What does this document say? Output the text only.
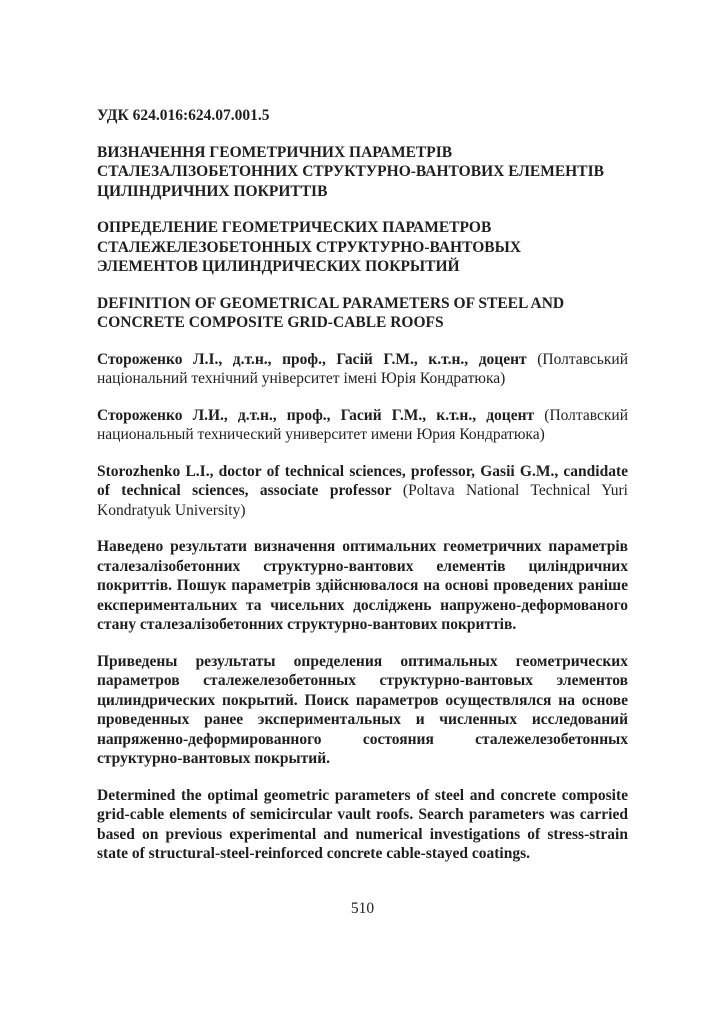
УДК 624.016:624.07.001.5

ВИЗНАЧЕННЯ ГЕОМЕТРИЧНИХ ПАРАМЕТРІВ
СТАЛЕЗАЛІЗОБЕТОННИХ СТРУКТУРНО-ВАНТОВИХ ЕЛЕМЕНТІВ
ЦИЛІНДРИЧНИХ ПОКРИТТІВ
ОПРЕДЕЛЕНИЕ ГЕОМЕТРИЧЕСКИХ ПАРАМЕТРОВ
СТАЛЕЖЕЛЕЗОБЕТОННЫХ СТРУКТУРНО-ВАНТОВЫХ
ЭЛЕМЕНТОВ ЦИЛИНДРИЧЕСКИХ ПОКРЫТИЙ
DEFINITION OF GEOMETRICAL PARAMETERS OF STEEL AND
CONCRETE COMPOSITE GRID-CABLE ROOFS

Стороженко Л.І., д.т.н., проф., Гасій Г.М., к.т.н., доцент (Полтавський національний технічний університет імені Юрія Кондратюка)

Стороженко Л.И., д.т.н., проф., Гасий Г.М., к.т.н., доцент (Полтавский национальный технический университет имени Юрия Кондратюка)

Storozhenko L.I., doctor of technical sciences, professor, Gasii G.M., candidate of technical sciences, associate professor (Poltava National Technical Yuri Kondratyuk University)

Наведено результати визначення оптимальних геометричних параметрів сталезалізобетонних структурно-вантових елементів циліндричних покриттів. Пошук параметрів здійснювалося на основі проведених раніше експериментальних та чисельних досліджень напружено-деформованого стану сталезалізобетонних структурно-вантових покриттів.

Приведены результаты определения оптимальных геометрических параметров сталежелезобетонных структурно-вантовых элементов цилиндрических покрытий. Поиск параметров осуществлялся на основе проведенных ранее экспериментальных и численных исследований напряженно-деформированного состояния сталежелезобетонных структурно-вантовых покрытий.

Determined the optimal geometric parameters of steel and concrete composite grid-cable elements of semicircular vault roofs. Search parameters was carried based on previous experimental and numerical investigations of stress-strain state of structural-steel-reinforced concrete cable-stayed coatings.

510
